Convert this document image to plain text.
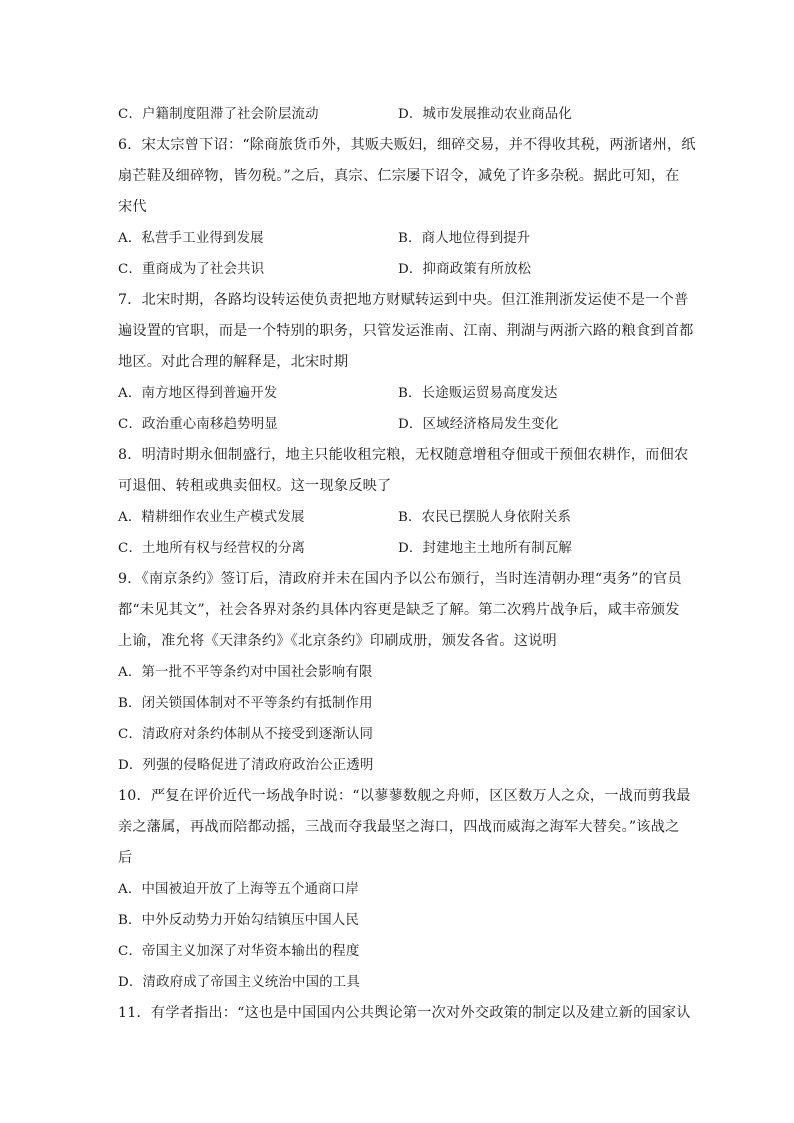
C．户籍制度阻滞了社会阶层流动	D．城市发展推动农业商品化
6．宋太宗曾下诏：“除商旅货币外，其贩夫贩妇，细碎交易，并不得收其税，两浙诸州，纸
扇芒鞋及细碎物，皆勿税。”之后，真宗、仁宗屡下诏令，减免了许多杂税。据此可知，在
宋代
A．私营手工业得到发展	B．商人地位得到提升
C．重商成为了社会共识	D．抑商政策有所放松
7．北宋时期，各路均设转运使负责把地方财赋转运到中央。但江淮荆浙发运使不是一个普
遍设置的官职，而是一个特别的职务，只管发运淮南、江南、荆湖与两浙六路的粮食到首都
地区。对此合理的解释是，北宋时期
A．南方地区得到普遍开发	B．长途贩运贸易高度发达
C．政治重心南移趋势明显	D．区域经济格局发生变化
8．明清时期永佃制盛行，地主只能收租完粮，无权随意增租夺佃或干预佃农耕作，而佃农
可退佃、转租或典卖佃权。这一现象反映了
A．精耕细作农业生产模式发展	B．农民已摆脱人身依附关系
C．土地所有权与经营权的分离	D．封建地主土地所有制瓦解
9．《南京条约》签订后，清政府并未在国内予以公布颁行，当时连清朝办理“夷务”的官员
都“未见其文”，社会各界对条约具体内容更是缺乏了解。第二次鸦片战争后，咸丰帝颁发
上谕，准允将《天津条约》《北京条约》印刷成册，颁发各省。这说明
A．第一批不平等条约对中国社会影响有限
B．闭关锁国体制对不平等条约有抵制作用
C．清政府对条约体制从不接受到逐渐认同
D．列强的侵略促进了清政府政治公正透明
10．严复在评价近代一场战争时说：“以蓼蓼数舰之舟师，区区数万人之众，一战而剪我最
亲之藩属，再战而陪都动摇，三战而夺我最坚之海口，四战而威海之海军大替矣。”该战之
后
A．中国被迫开放了上海等五个通商口岸
B．中外反动势力开始勾结镇压中国人民
C．帝国主义加深了对华资本输出的程度
D．清政府成了帝国主义统治中国的工具
11．有学者指出：“这也是中国国内公共舆论第一次对外交政策的制定以及建立新的国家认
